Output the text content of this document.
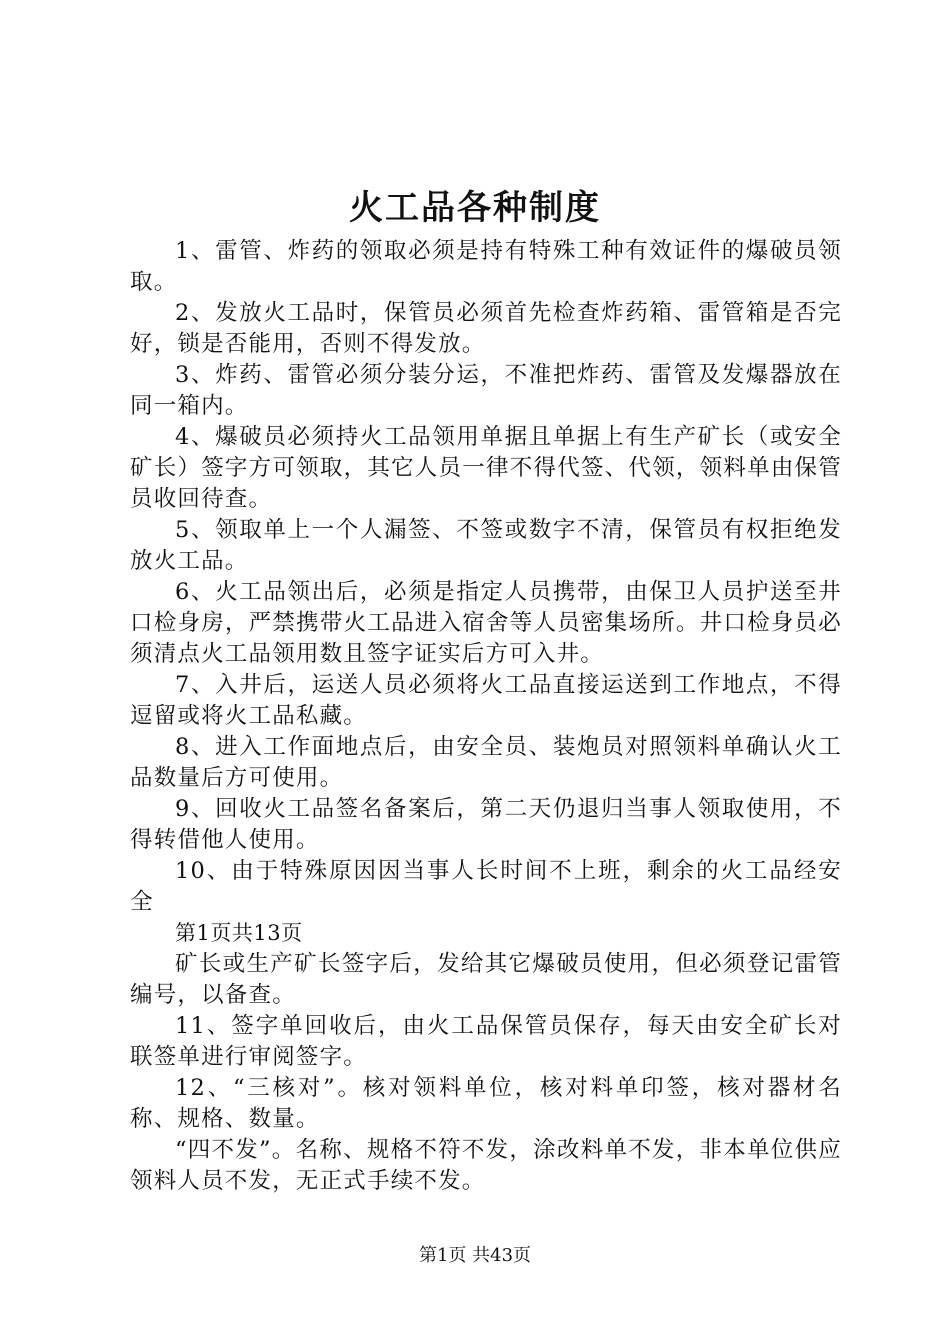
火工品各种制度

1、雷管、炸药的领取必须是持有特殊工种有效证件的爆破员领取。

2、发放火工品时，保管员必须首先检查炸药箱、雷管箱是否完好，锁是否能用，否则不得发放。

3、炸药、雷管必须分装分运，不准把炸药、雷管及发爆器放在同一箱内。

4、爆破员必须持火工品领用单据且单据上有生产矿长（或安全矿长）签字方可领取，其它人员一律不得代签、代领，领料单由保管员收回待查。

5、领取单上一个人漏签、不签或数字不清，保管员有权拒绝发放火工品。

6、火工品领出后，必须是指定人员携带，由保卫人员护送至井口检身房，严禁携带火工品进入宿舍等人员密集场所。井口检身员必须清点火工品领用数且签字证实后方可入井。

7、入井后，运送人员必须将火工品直接运送到工作地点，不得逗留或将火工品私藏。

8、进入工作面地点后，由安全员、装炮员对照领料单确认火工品数量后方可使用。

9、回收火工品签名备案后，第二天仍退归当事人领取使用，不得转借他人使用。

10、由于特殊原因因当事人长时间不上班，剩余的火工品经安全

第1页共13页

矿长或生产矿长签字后，发给其它爆破员使用，但必须登记雷管编号，以备查。

11、签字单回收后，由火工品保管员保存，每天由安全矿长对联签单进行审阅签字。

12、“三核对”。核对领料单位，核对料单印签，核对器材名称、规格、数量。

“四不发”。名称、规格不符不发，涂改料单不发，非本单位供应领料人员不发，无正式手续不发。

第1页 共43页
